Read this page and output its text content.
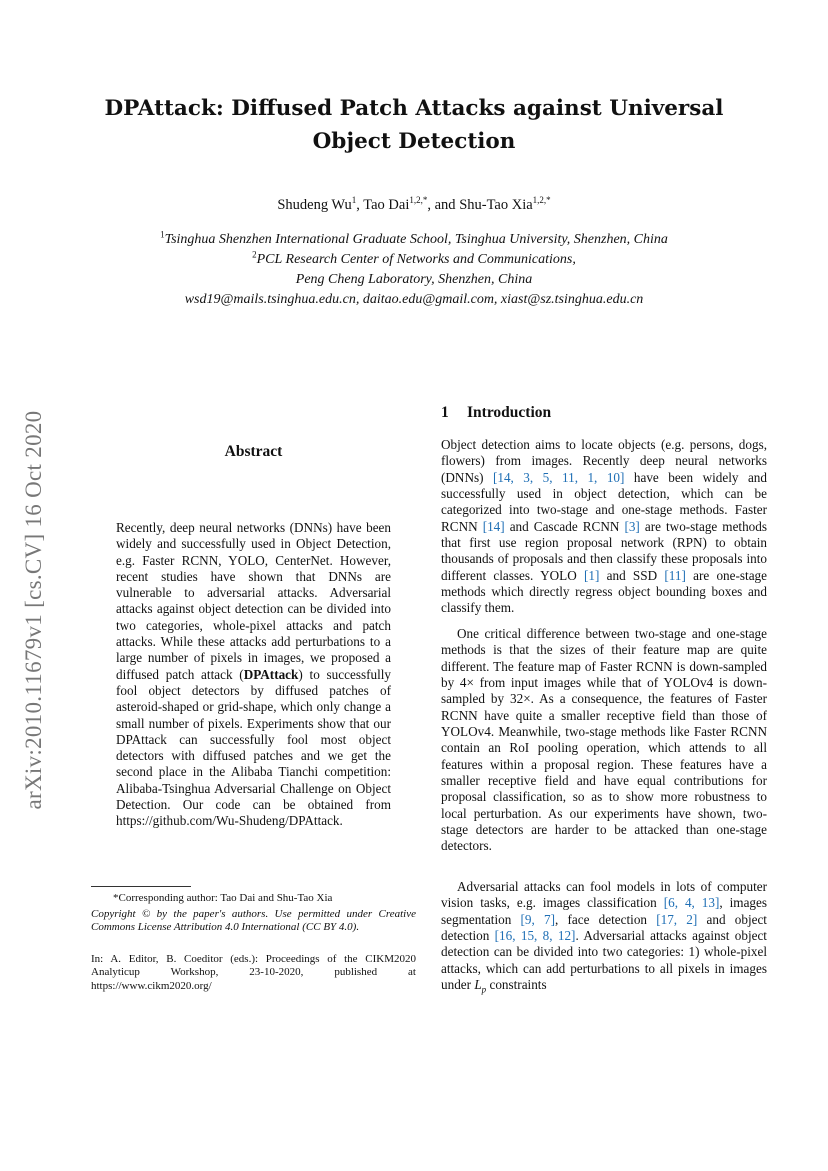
arXiv:2010.11679v1 [cs.CV] 16 Oct 2020
DPAttack: Diffused Patch Attacks against Universal Object Detection
Shudeng Wu$^1$, Tao Dai$^{1,2,*}$, and Shu-Tao Xia$^{1,2,*}$
$^1$Tsinghua Shenzhen International Graduate School, Tsinghua University, Shenzhen, China
$^2$PCL Research Center of Networks and Communications,
Peng Cheng Laboratory, Shenzhen, China
wsd19@mails.tsinghua.edu.cn, daitao.edu@gmail.com, xiast@sz.tsinghua.edu.cn
Abstract
Recently, deep neural networks (DNNs) have been widely and successfully used in Object Detection, e.g. Faster RCNN, YOLO, CenterNet. However, recent studies have shown that DNNs are vulnerable to adversarial attacks. Adversarial attacks against object detection can be divided into two categories, whole-pixel attacks and patch attacks. While these attacks add perturbations to a large number of pixels in images, we proposed a diffused patch attack (DPAttack) to successfully fool object detectors by diffused patches of asteroid-shaped or grid-shape, which only change a small number of pixels. Experiments show that our DPAttack can successfully fool most object detectors with diffused patches and we get the second place in the Alibaba Tianchi competition: Alibaba-Tsinghua Adversarial Challenge on Object Detection. Our code can be obtained from https://github.com/Wu-Shudeng/DPAttack.
*Corresponding author: Tao Dai and Shu-Tao Xia
Copyright © by the paper's authors. Use permitted under Creative Commons License Attribution 4.0 International (CC BY 4.0).
In: A. Editor, B. Coeditor (eds.): Proceedings of the CIKM2020 Analyticup Workshop, 23-10-2020, published at https://www.cikm2020.org/
1 Introduction
Object detection aims to locate objects (e.g. persons, dogs, flowers) from images. Recently deep neural networks (DNNs) [14, 3, 5, 11, 1, 10] have been widely and successfully used in object detection, which can be categorized into two-stage and one-stage methods. Faster RCNN [14] and Cascade RCNN [3] are two-stage methods that first use region proposal network (RPN) to obtain thousands of proposals and then classify these proposals into different classes. YOLO [1] and SSD [11] are one-stage methods which directly regress object bounding boxes and classify them.
One critical difference between two-stage and one-stage methods is that the sizes of their feature map are quite different. The feature map of Faster RCNN is down-sampled by 4× from input images while that of YOLOv4 is down-sampled by 32×. As a consequence, the features of Faster RCNN have quite a smaller receptive field than those of YOLOv4. Meanwhile, two-stage methods like Faster RCNN contain an RoI pooling operation, which attends to all features within a proposal region. These features have a smaller receptive field and have equal contributions for proposal classification, so as to show more robustness to local perturbation. As our experiments have shown, two-stage detectors are harder to be attacked than one-stage detectors.
Adversarial attacks can fool models in lots of computer vision tasks, e.g. images classification [6, 4, 13], images segmentation [9, 7], face detection [17, 2] and object detection [16, 15, 8, 12]. Adversarial attacks against object detection can be divided into two categories: 1) whole-pixel attacks, which can add perturbations to all pixels in images under $L_p$ constraints
